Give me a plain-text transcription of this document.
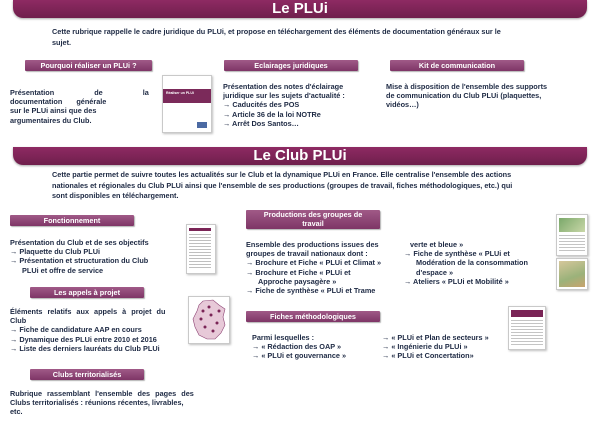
Le PLUi
Cette rubrique rappelle le cadre juridique du PLUi, et propose en téléchargement des éléments de documentation généraux sur le
sujet.
Pourquoi réaliser un PLUi ?
Présentation de la
documentation générale
sur le PLUi ainsi que des
argumentaires du Club.
Réaliser un PLUi
Eclairages juridiques
Présentation des notes d'éclairage
juridique sur les sujets d'actualité :
→ Caducités des POS
→ Article 36 de la loi NOTRe
→ Arrêt Dos Santos…
Kit de communication
Mise à disposition de l'ensemble des supports
de communication du Club PLUi (plaquettes,
vidéos…)
Le Club PLUi
Cette partie permet de suivre toutes les actualités sur le Club et la dynamique PLUi en France. Elle centralise l'ensemble des actions
nationales et régionales du Club PLUi ainsi que l'ensemble de ses productions (groupes de travail, fiches méthodologiques, etc.) qui
sont disponibles en téléchargement.
Fonctionnement
Présentation du Club et de ses objectifs
→ Plaquette du Club PLUi
→ Présentation et structuration du Club
PLUi et offre de service
Les appels à projet
Éléments relatifs aux appels à projet du
Club
→ Fiche de candidature AAP en cours
→ Dynamique des PLUi entre 2010 et 2016
→ Liste des derniers lauréats du Club PLUi
Clubs territorialisés
Rubrique rassemblant l'ensemble des pages des
Clubs territorialisés : réunions récentes, livrables,
etc.
Productions des groupes de
travail
Ensemble des productions issues des
groupes de travail nationaux dont :
→ Brochure et Fiche « PLUi et Climat »
→ Brochure et Fiche « PLUi et
Approche paysagère »
→ Fiche de synthèse « PLUi et Trame
verte et bleue »
→ Fiche de synthèse « PLUi et
Modération de la consommation
d'espace »
→ Ateliers « PLUi et Mobilité »
Fiches méthodologiques
Parmi lesquelles :
→ « Rédaction des OAP »
→ « PLUi et gouvernance »
→ « PLUi et Plan de secteurs »
→ « Ingénierie du PLUi »
→ « PLUi et Concertation»
